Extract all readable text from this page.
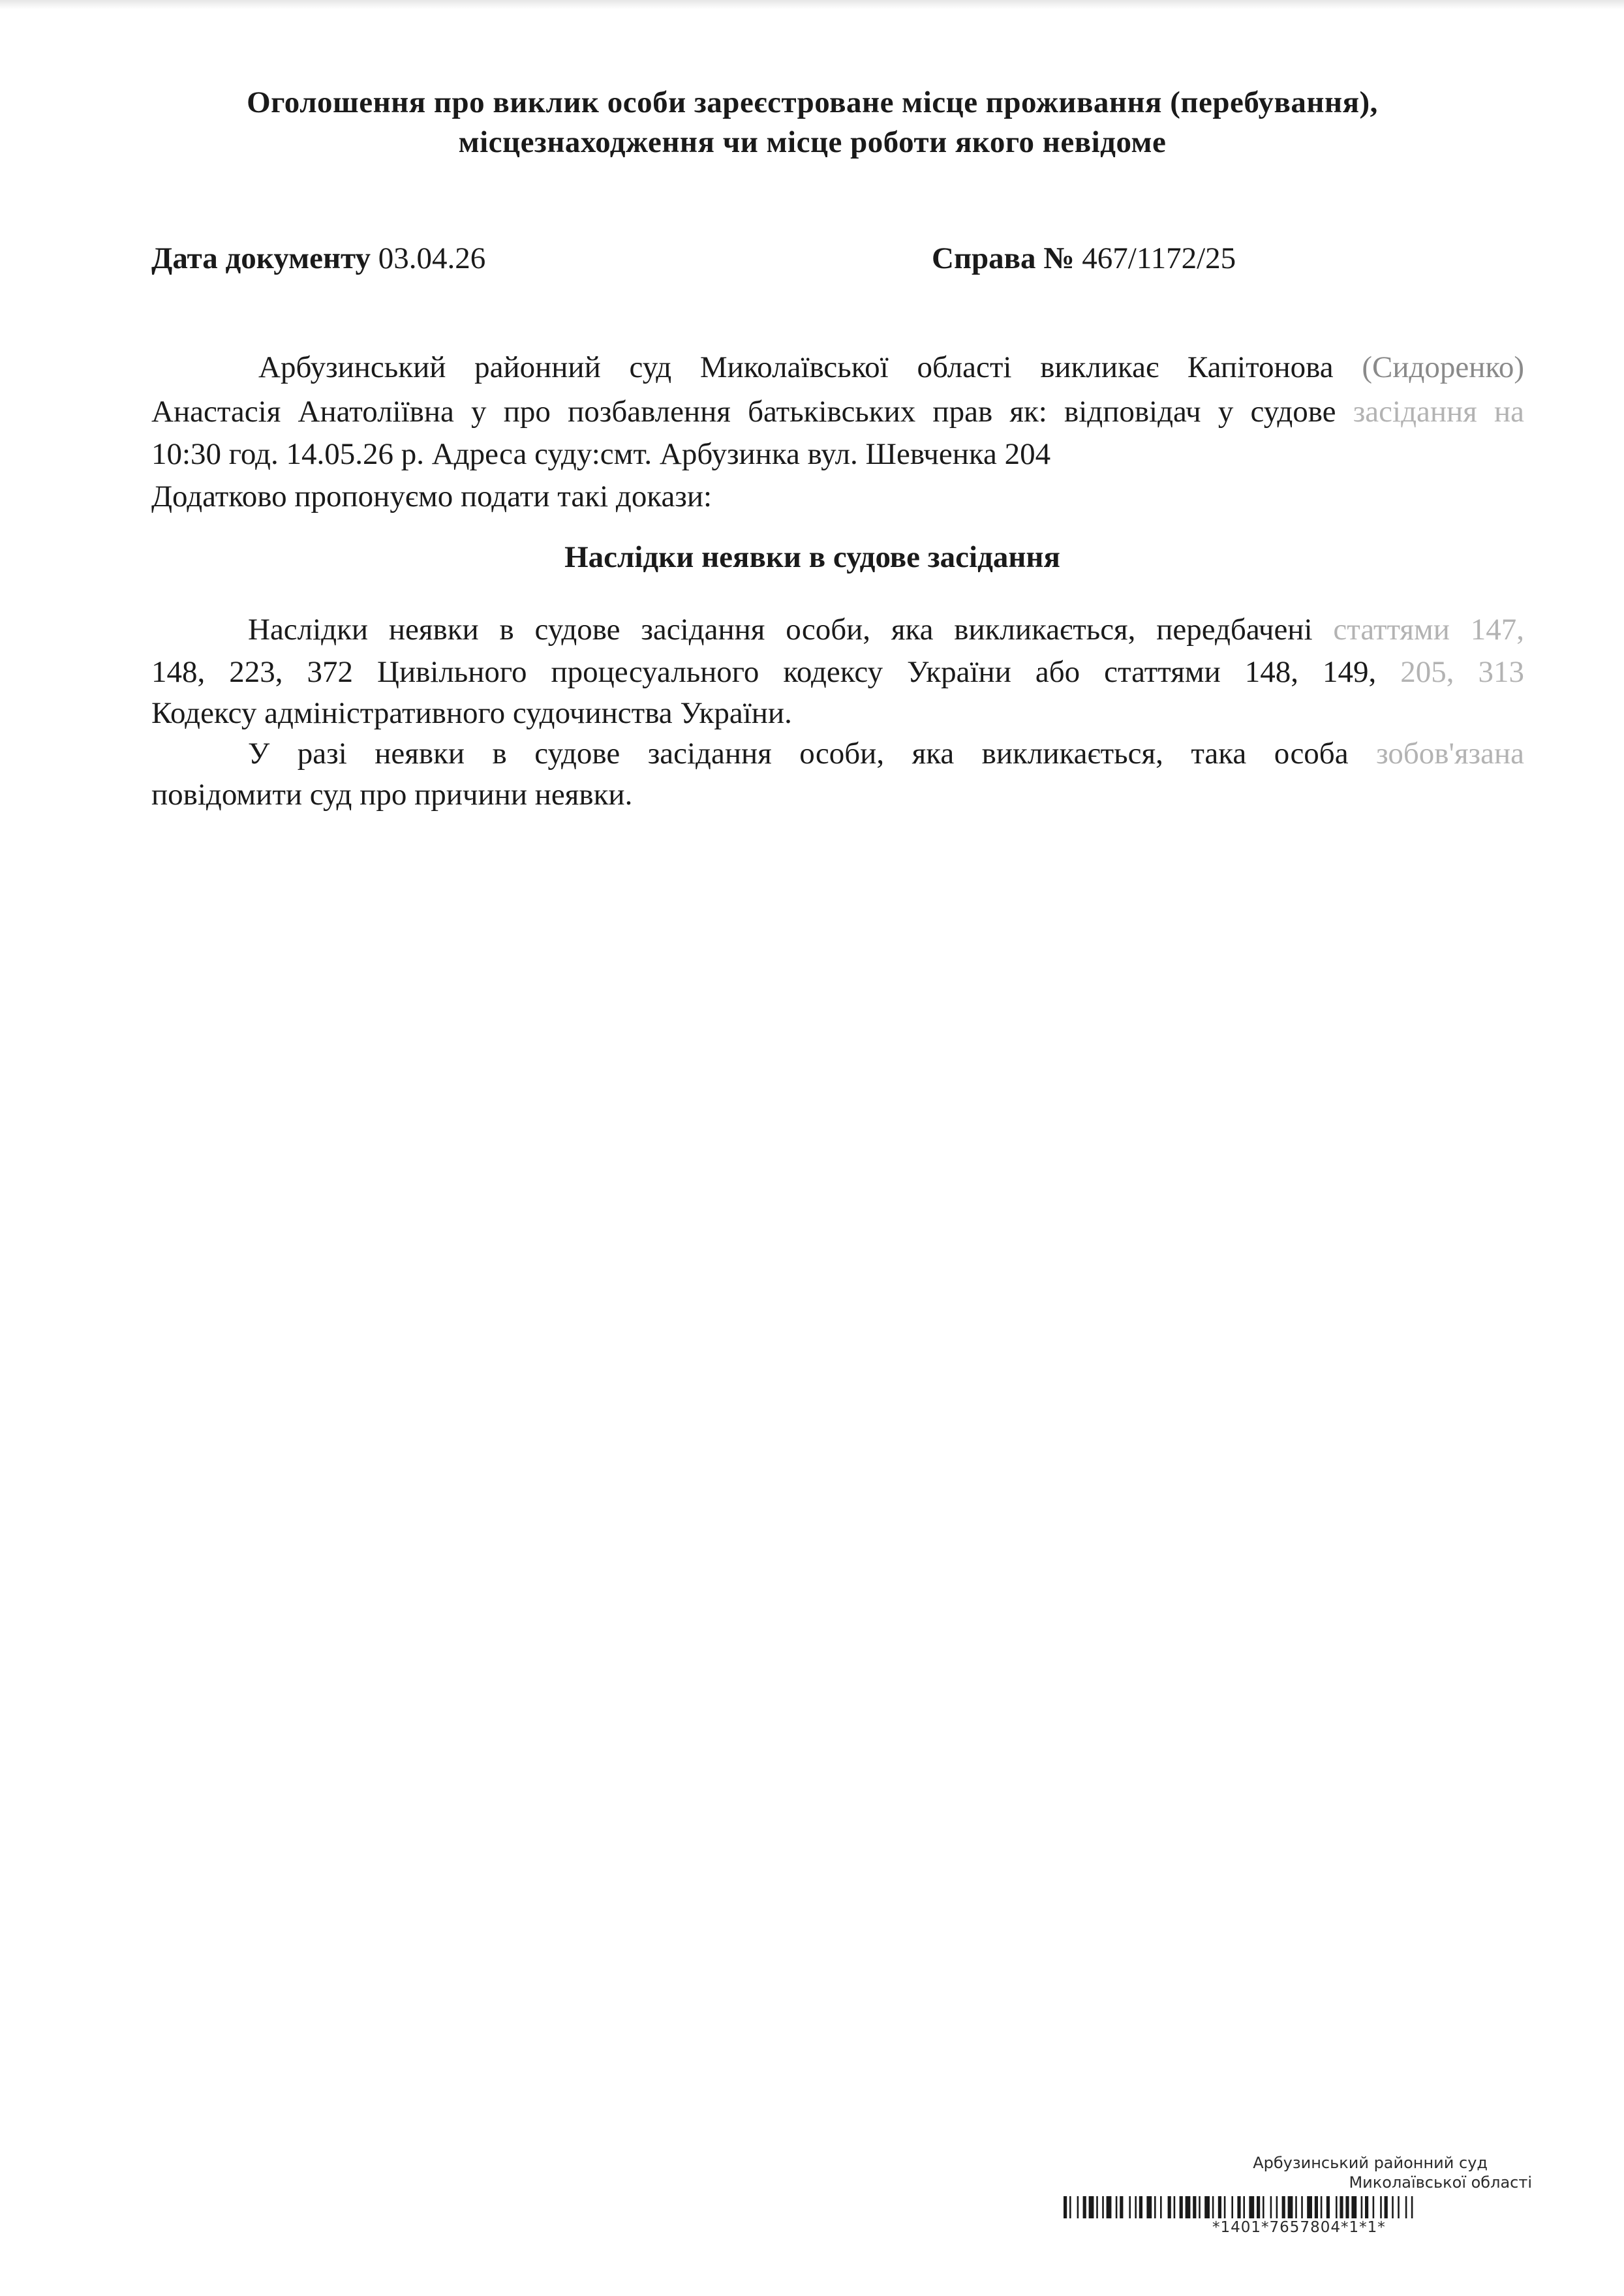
Оголошення про виклик особи зареєстроване місце проживання (перебування),
місцезнаходження чи місце роботи якого невідоме
Дата документу 03.04.26	Справа № 467/1172/25
Арбузинський районний суд Миколаївської області викликає Капітонова (Сидоренко)
Анастасія Анатоліївна у про позбавлення батьківських прав як: відповідач у судове засідання на
10:30 год. 14.05.26 р. Адреса суду:смт. Арбузинка вул. Шевченка 204
Додатково пропонуємо подати такі докази:
Наслідки неявки в судове засідання
Наслідки неявки в судове засідання особи, яка викликається, передбачені статтями 147,
148, 223, 372 Цивільного процесуального кодексу України або статтями 148, 149, 205, 313
Кодексу адміністративного судочинства України.
У разі неявки в судове засідання особи, яка викликається, така особа зобов'язана
повідомити суд про причини неявки.
Арбузинський районний суд
Миколаївської області
*1401*7657804*1*1*
